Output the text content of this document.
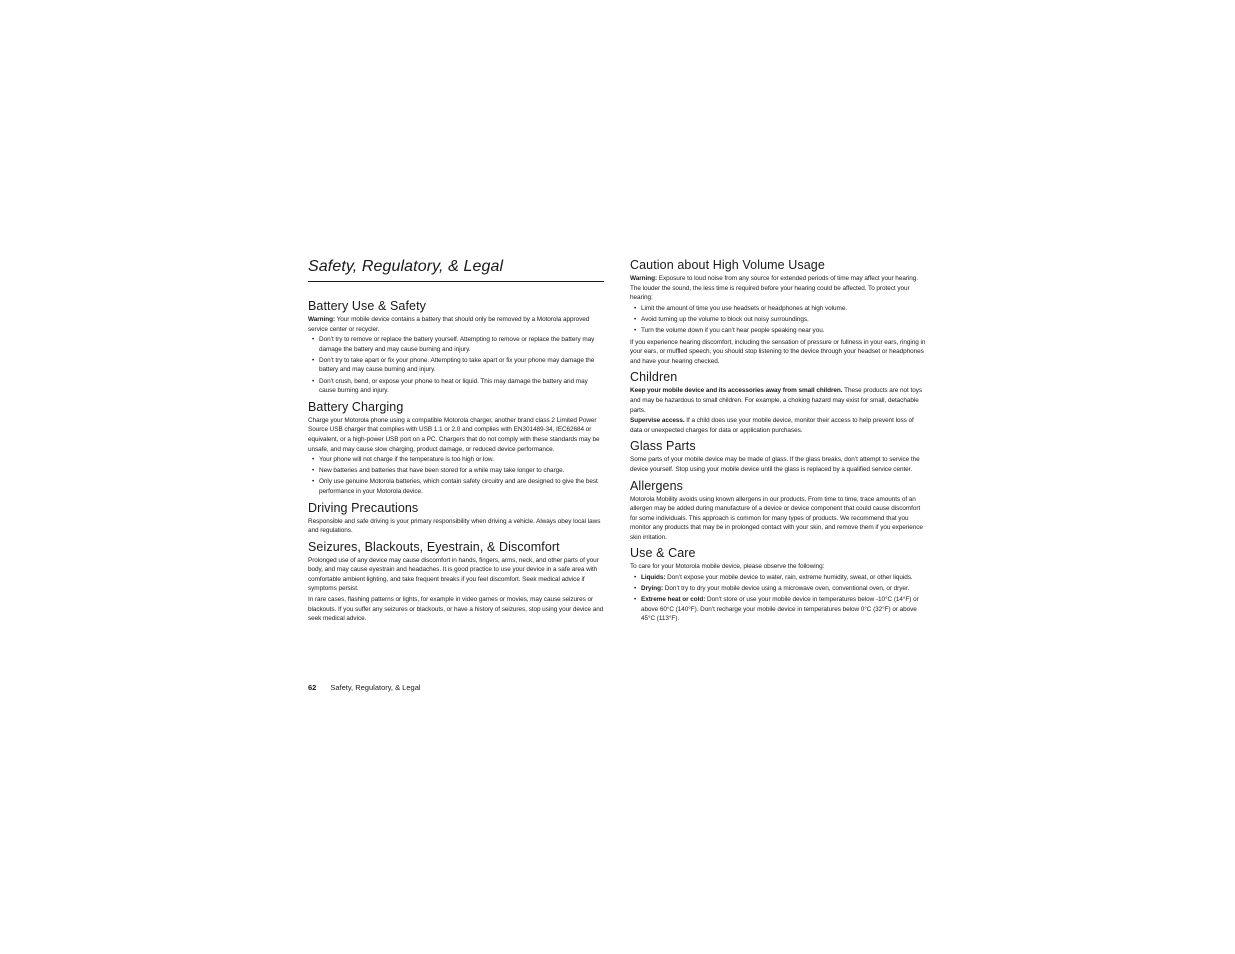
Safety, Regulatory, & Legal
Battery Use & Safety

Warning: Your mobile device contains a battery that should only be removed by a Motorola approved service center or recycler.

• Don’t try to remove or replace the battery yourself. Attempting to remove or replace the battery may damage the battery and may cause burning and injury.
• Don’t try to take apart or fix your phone. Attempting to take apart or fix your phone may damage the battery and may cause burning and injury.
• Don’t crush, bend, or expose your phone to heat or liquid. This may damage the battery and may cause burning and injury.
Battery Charging

Charge your Motorola phone using a compatible Motorola charger, another brand class 2 Limited Power Source USB charger that complies with USB 1.1 or 2.0 and complies with EN301489-34, IEC62684 or equivalent, or a high-power USB port on a PC. Chargers that do not comply with these standards may be unsafe, and may cause slow charging, product damage, or reduced device performance.

• Your phone will not charge if the temperature is too high or low.
• New batteries and batteries that have been stored for a while may take longer to charge.
• Only use genuine Motorola batteries, which contain safety circuitry and are designed to give the best performance in your Motorola device.
Driving Precautions

Responsible and safe driving is your primary responsibility when driving a vehicle. Always obey local laws and regulations.

Seizures, Blackouts, Eyestrain, & Discomfort

Prolonged use of any device may cause discomfort in hands, fingers, arms, neck, and other parts of your body, and may cause eyestrain and headaches. It is good practice to use your device in a safe area with comfortable ambient lighting, and take frequent breaks if you feel discomfort. Seek medical advice if symptoms persist.

In rare cases, flashing patterns or lights, for example in video games or movies, may cause seizures or blackouts. If you suffer any seizures or blackouts, or have a history of seizures, stop using your device and seek medical advice.

Caution about High Volume Usage

Warning: Exposure to loud noise from any source for extended periods of time may affect your hearing. The louder the sound, the less time is required before your hearing could be affected. To protect your hearing:

• Limit the amount of time you use headsets or headphones at high volume.
• Avoid turning up the volume to block out noisy surroundings.
• Turn the volume down if you can’t hear people speaking near you.

If you experience hearing discomfort, including the sensation of pressure or fullness in your ears, ringing in your ears, or muffled speech, you should stop listening to the device through your headset or headphones and have your hearing checked.

Children

Keep your mobile device and its accessories away from small children. These products are not toys and may be hazardous to small children. For example, a choking hazard may exist for small, detachable parts.

Supervise access. If a child does use your mobile device, monitor their access to help prevent loss of data or unexpected charges for data or application purchases.

Glass Parts

Some parts of your mobile device may be made of glass. If the glass breaks, don’t attempt to service the device yourself. Stop using your mobile device until the glass is replaced by a qualified service center.

Allergens

Motorola Mobility avoids using known allergens in our products. From time to time, trace amounts of an allergen may be added during manufacture of a device or device component that could cause discomfort for some individuals. This approach is common for many types of products. We recommend that you monitor any products that may be in prolonged contact with your skin, and remove them if you experience skin irritation.

Use & Care

To care for your Motorola mobile device, please observe the following:

• Liquids: Don’t expose your mobile device to water, rain, extreme humidity, sweat, or other liquids.
• Drying: Don’t try to dry your mobile device using a microwave oven, conventional oven, or dryer.
• Extreme heat or cold: Don’t store or use your mobile device in temperatures below -10°C (14°F) or above 60°C (140°F). Don’t recharge your mobile device in temperatures below 0°C (32°F) or above 45°C (113°F).
62 Safety, Regulatory, & Legal
